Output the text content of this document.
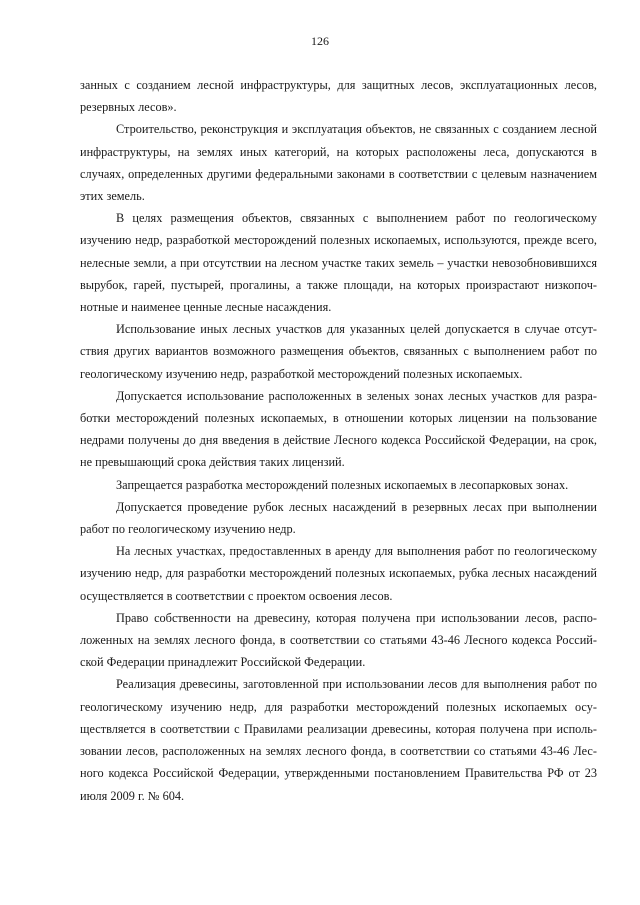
126

занных с созданием лесной инфраструктуры, для защитных лесов, эксплуатационных лесов, резервных лесов».

Строительство, реконструкция и эксплуатация объектов, не связанных с созданием лесной инфраструктуры, на землях иных категорий, на которых расположены леса, допускаются в случаях, определенных другими федеральными законами в соответствии с целевым назначением этих земель.

В целях размещения объектов, связанных с выполнением работ по геологическому изучению недр, разработкой месторождений полезных ископаемых, используются, прежде всего, нелесные земли, а при отсутствии на лесном участке таких земель – участки невозобновившихся вырубок, гарей, пустырей, прогалины, а также площади, на которых произрастают низкопочнотные и наименее ценные лесные насаждения.

Использование иных лесных участков для указанных целей допускается в случае отсутствия других вариантов возможного размещения объектов, связанных с выполнением работ по геологическому изучению недр, разработкой месторождений полезных ископаемых.

Допускается использование расположенных в зеленых зонах лесных участков для разработки месторождений полезных ископаемых, в отношении которых лицензии на пользование недрами получены до дня введения в действие Лесного кодекса Российской Федерации, на срок, не превышающий срока действия таких лицензий.

Запрещается разработка месторождений полезных ископаемых в лесопарковых зонах.

Допускается проведение рубок лесных насаждений в резервных лесах при выполнении работ по геологическому изучению недр.

На лесных участках, предоставленных в аренду для выполнения работ по геологическому изучению недр, для разработки месторождений полезных ископаемых, рубка лесных насаждений осуществляется в соответствии с проектом освоения лесов.

Право собственности на древесину, которая получена при использовании лесов, расположенных на землях лесного фонда, в соответствии со статьями 43-46 Лесного кодекса Российской Федерации принадлежит Российской Федерации.

Реализация древесины, заготовленной при использовании лесов для выполнения работ по геологическому изучению недр, для разработки месторождений полезных ископаемых осуществляется в соответствии с Правилами реализации древесины, которая получена при использовании лесов, расположенных на землях лесного фонда, в соответствии со статьями 43-46 Лесного кодекса Российской Федерации, утвержденными постановлением Правительства РФ от 23 июля 2009 г. № 604.
